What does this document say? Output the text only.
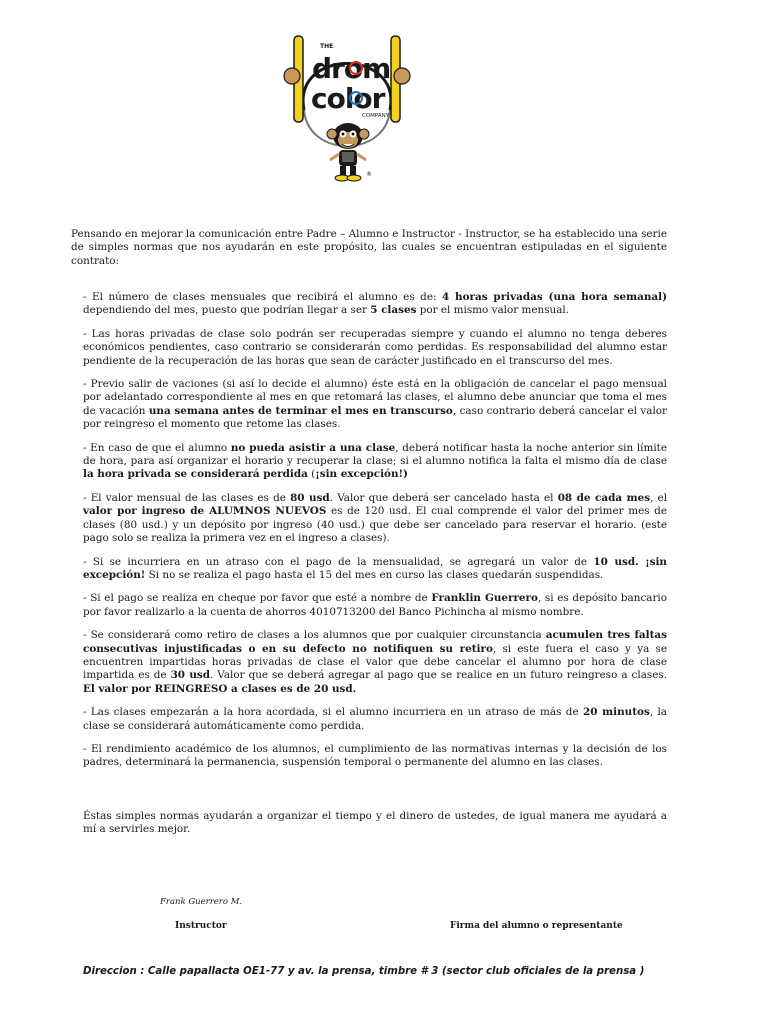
THE
drom
color
COMPANY
®

Pensando en mejorar la comunicación entre Padre – Alumno e Instructor - Instructor, se ha establecido una serie de simples normas que nos ayudarán en este propósito, las cuales se encuentran estipuladas en el siguiente contrato:

- El número de clases mensuales que recibirá el alumno es de: 4 horas privadas (una hora semanal) dependiendo del mes, puesto que podrían llegar a ser 5 clases por el mismo valor mensual.

- Las horas privadas de clase solo podrán ser recuperadas siempre y cuando el alumno no tenga deberes económicos pendientes, caso contrario se considerarán como perdidas. Es responsabilidad del alumno estar pendiente de la recuperación de las horas que sean de carácter justificado en el transcurso del mes.

- Previo salir de vaciones (si así lo decide el alumno) éste está en la obligación de cancelar el pago mensual por adelantado correspondiente al mes en que retomará las clases, el alumno debe anunciar que toma el mes de vacación una semana antes de terminar el mes en transcurso, caso contrario deberá cancelar el valor por reingreso el momento que retome las clases.

- En caso de que el alumno no pueda asistir a una clase, deberá notificar hasta la noche anterior sin límite de hora, para así organizar el horario y recuperar la clase; si el alumno notifica la falta el mismo día de clase la hora privada se considerará perdida (¡sin excepción!)

- El valor mensual de las clases es de 80 usd. Valor que deberá ser cancelado hasta el 08 de cada mes, el valor por ingreso de ALUMNOS NUEVOS es de 120 usd. El cual comprende el valor del primer mes de clases (80 usd.) y un depósito por ingreso (40 usd.) que debe ser cancelado para reservar el horario. (este pago solo se realiza la primera vez en el ingreso a clases).

- Si se incurriera en un atraso con el pago de la mensualidad, se agregará un valor de 10 usd. ¡sin excepción! Si no se realiza el pago hasta el 15 del mes en curso las clases quedarán suspendidas.

- Si el pago se realiza en cheque por favor que esté a nombre de Franklin Guerrero, si es depósito bancario por favor realizarlo a la cuenta de ahorros 4010713200 del Banco Pichincha al mismo nombre.

- Se considerará como retiro de clases a los alumnos que por cualquier circunstancia acumulen tres faltas consecutivas injustificadas o en su defecto no notifiquen su retiro, si este fuera el caso y ya se encuentren impartidas horas privadas de clase el valor que debe cancelar el alumno por hora de clase impartida es de 30 usd. Valor que se deberá agregar al pago que se realice en un futuro reingreso a clases. El valor por REINGRESO a clases es de 20 usd.

- Las clases empezarán a la hora acordada, si el alumno incurriera en un atraso de más de 20 minutos, la clase se considerará automáticamente como perdida.

- El rendimiento académico de los alumnos, el cumplimiento de las normativas internas y la decisión de los padres, determinará la permanencia, suspensión temporal o permanente del alumno en las clases.

Éstas simples normas ayudarán a organizar el tiempo y el dinero de ustedes, de igual manera me ayudará a mí a servirles mejor.

Frank Guerrero M.
Instructor	Firma del alumno o representante
Direccion : Calle papallacta OE1-77 y av. la prensa, timbre # 3 (sector club oficiales de la prensa )
